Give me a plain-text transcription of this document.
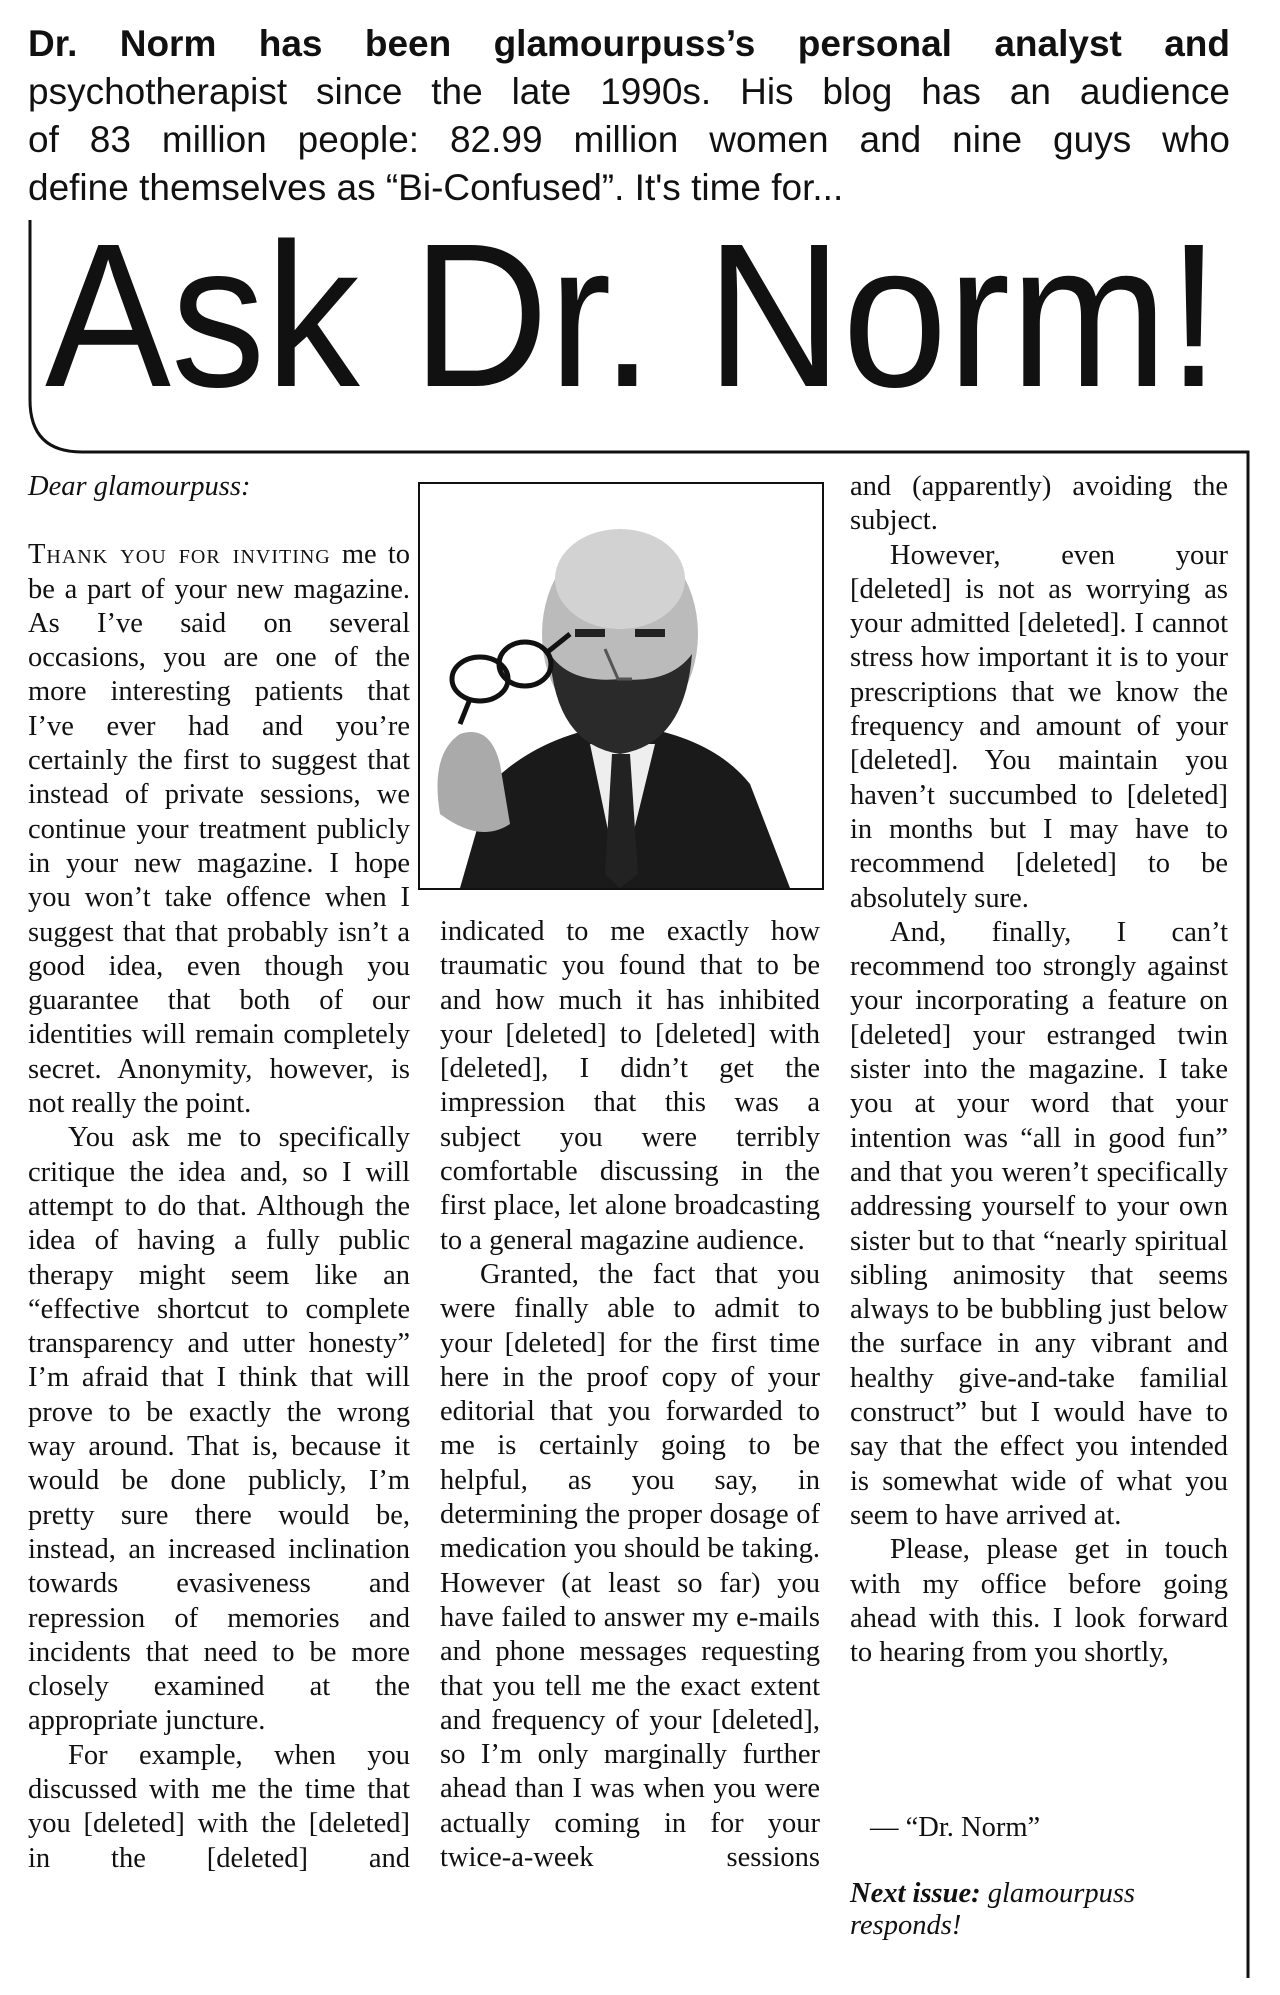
Dr. Norm has been glamourpuss’s personal analyst and
psychotherapist since the late 1990s. His blog has an audience
of 83 million people: 82.99 million women and nine guys who
define themselves as “Bi-Confused”. It's time for...
Ask Dr. Norm!

Dear glamourpuss:

Thank you for inviting me to be a part of your new magazine. As I’ve said on several occasions, you are one of the more interesting patients that I’ve ever had and you’re certainly the first to suggest that instead of private sessions, we continue your treatment publicly in your new magazine. I hope you won’t take offence when I suggest that that probably isn’t a good idea, even though you guarantee that both of our identities will remain completely secret. Anonymity, however, is not really the point.

You ask me to specifically critique the idea and, so I will attempt to do that. Although the idea of having a fully public therapy might seem like an “effective shortcut to complete transparency and utter honesty” I’m afraid that I think that will prove to be exactly the wrong way around. That is, because it would be done publicly, I’m pretty sure there would be, instead, an increased inclination towards evasiveness and repression of memories and incidents that need to be more closely examined at the appropriate juncture.

For example, when you discussed with me the time that you [deleted] with the [deleted] in the [deleted] and

indicated to me exactly how traumatic you found that to be and how much it has inhibited your [deleted] to [deleted] with [deleted], I didn’t get the impression that this was a subject you were terribly comfortable discussing in the first place, let alone broadcasting to a general magazine audience.

Granted, the fact that you were finally able to admit to your [deleted] for the first time here in the proof copy of your editorial that you forwarded to me is certainly going to be helpful, as you say, in determining the proper dosage of medication you should be taking. However (at least so far) you have failed to answer my e-mails and phone messages requesting that you tell me the exact extent and frequency of your [deleted], so I’m only marginally further ahead than I was when you were actually coming in for your twice-a-week sessions

and (apparently) avoiding the subject.

However, even your [deleted] is not as worrying as your admitted [deleted]. I cannot stress how important it is to your prescriptions that we know the frequency and amount of your [deleted]. You maintain you haven’t succumbed to [deleted] in months but I may have to recommend [deleted] to be absolutely sure.

And, finally, I can’t recommend too strongly against your incorporating a feature on [deleted] your estranged twin sister into the magazine. I take you at your word that your intention was “all in good fun” and that you weren’t specifically addressing yourself to your own sister but to that “nearly spiritual sibling animosity that seems always to be bubbling just below the surface in any vibrant and healthy give-and-take familial construct” but I would have to say that the effect you intended is somewhat wide of what you seem to have arrived at.

Please, please get in touch with my office before going ahead with this. I look forward to hearing from you shortly,

— “Dr. Norm”
Next issue: glamourpuss responds!
